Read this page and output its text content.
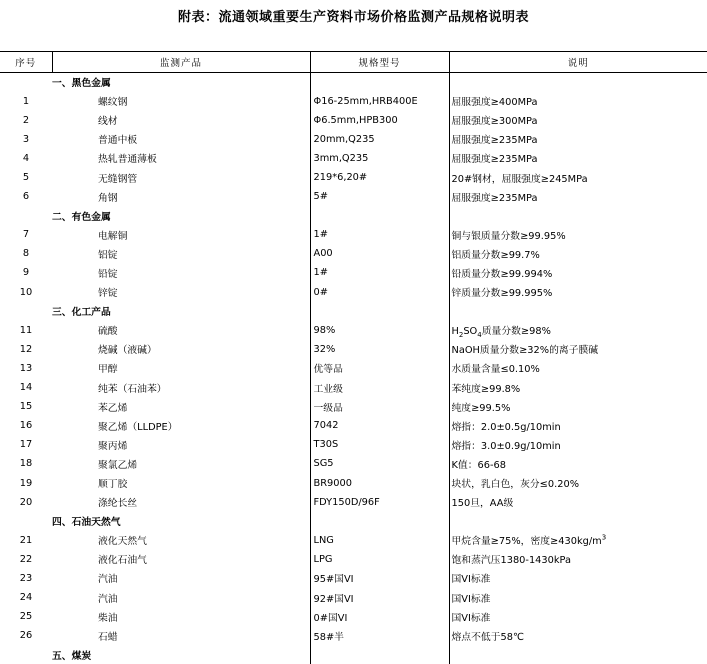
附表：流通领域重要生产资料市场价格监测产品规格说明表
序号	监测产品	规格型号	说明
	一、黑色金属		
1	螺纹钢	Φ16-25mm,HRB400E	屈服强度≥400MPa
2	线材	Φ6.5mm,HPB300	屈服强度≥300MPa
3	普通中板	20mm,Q235	屈服强度≥235MPa
4	热轧普通薄板	3mm,Q235	屈服强度≥235MPa
5	无缝钢管	219*6,20#	20#钢材，屈服强度≥245MPa
6	角钢	5#	屈服强度≥235MPa
	二、有色金属		
7	电解铜	1#	铜与银质量分数≥99.95%
8	铝锭	A00	铝质量分数≥99.7%
9	铅锭	1#	铅质量分数≥99.994%
10	锌锭	0#	锌质量分数≥99.995%
	三、化工产品		
11	硫酸	98%	$H_2SO_4$质量分数≥98%
12	烧碱（液碱）	32%	NaOH质量分数≥32%的离子膜碱
13	甲醇	优等品	水质量含量≤0.10%
14	纯苯（石油苯）	工业级	苯纯度≥99.8%
15	苯乙烯	一级品	纯度≥99.5%
16	聚乙烯（LLDPE）	7042	熔指：2.0±0.5g/10min
17	聚丙烯	T30S	熔指：3.0±0.9g/10min
18	聚氯乙烯	SG5	K值：66-68
19	顺丁胶	BR9000	块状，乳白色，灰分≤0.20%
20	涤纶长丝	FDY150D/96F	150旦，AA级
	四、石油天然气		
21	液化天然气	LNG	甲烷含量≥75%，密度$\ge 430kg/m^3$
22	液化石油气	LPG	饱和蒸汽压1380-1430kPa
23	汽油	95#国VI	国VI标准
24	汽油	92#国VI	国VI标准
25	柴油	0#国VI	国VI标准
26	石蜡	58#半	熔点不低于58℃
	五、煤炭		
